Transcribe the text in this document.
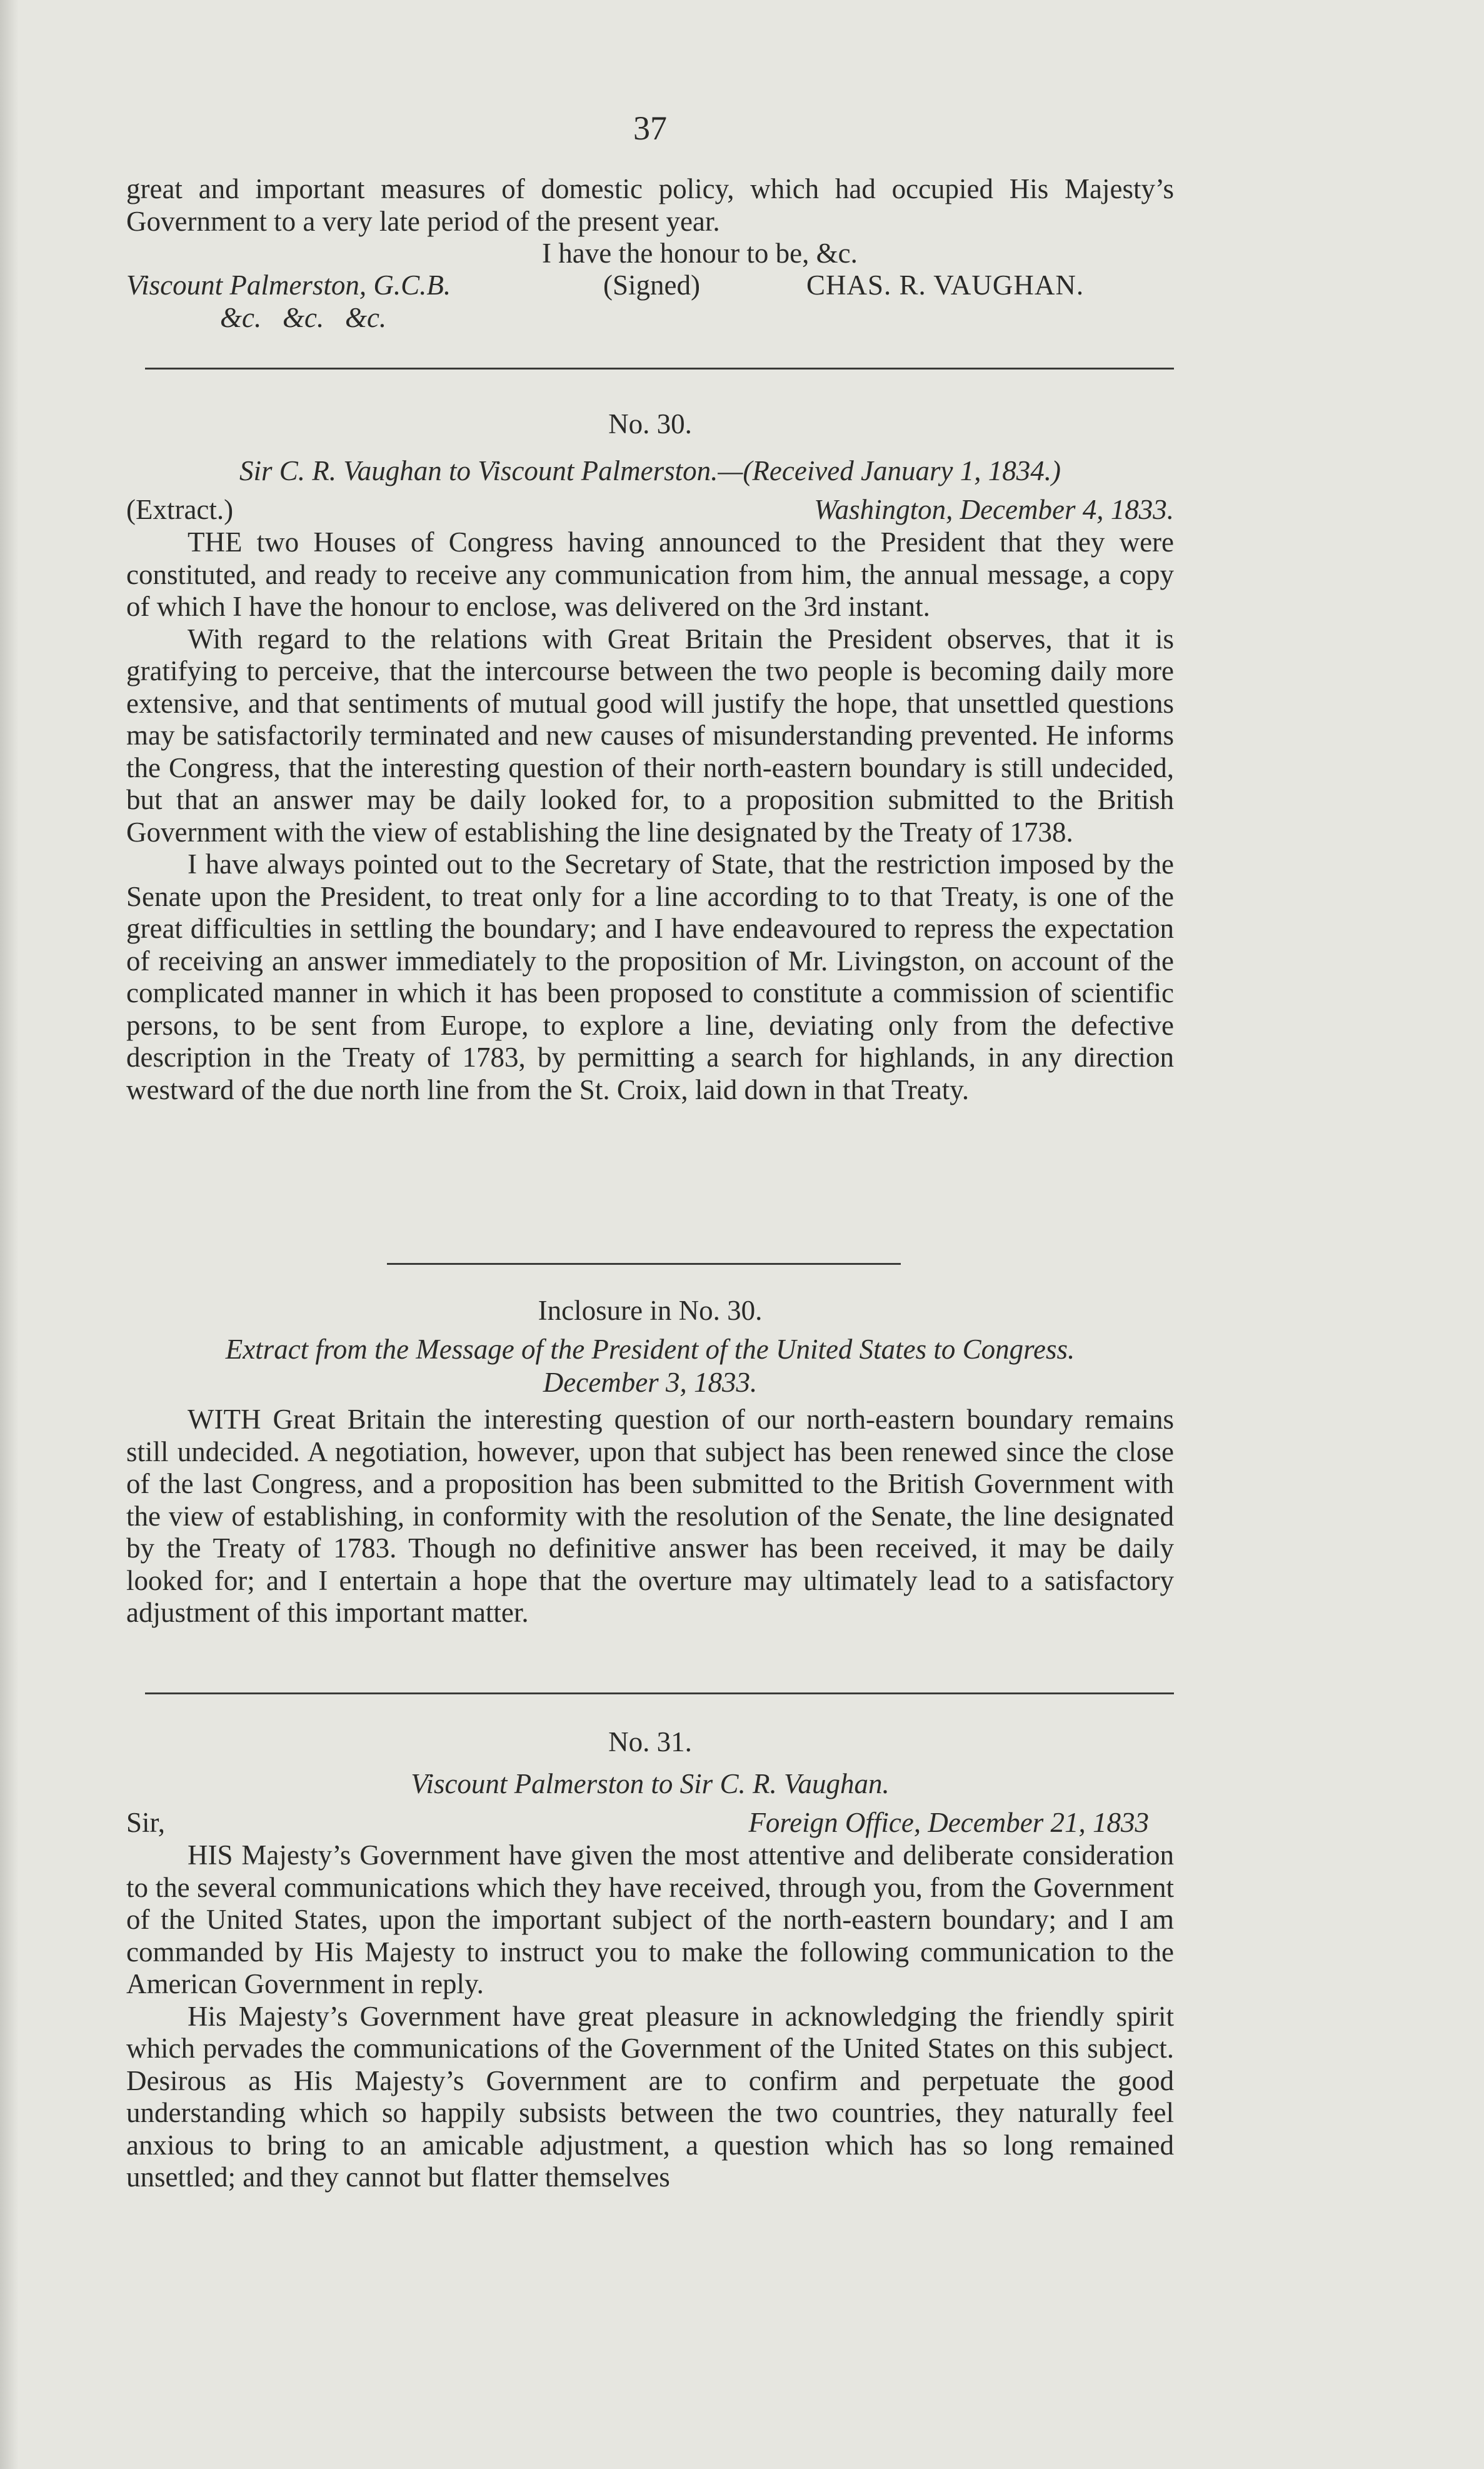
37

great and important measures of domestic policy, which had occupied His Majesty’s Government to a very late period of the present year.

I have the honour to be, &c.

Viscount Palmerston, G.C.B.	(Signed)	CHAS. R. VAUGHAN.

&c.   &c.   &c.

No. 30.

Sir C. R. Vaughan to Viscount Palmerston.—(Received January 1, 1834.)

(Extract.)	Washington, December 4, 1833.

THE two Houses of Congress having announced to the President that they were constituted, and ready to receive any communication from him, the annual message, a copy of which I have the honour to enclose, was delivered on the 3rd instant.

With regard to the relations with Great Britain the President observes, that it is gratifying to perceive, that the intercourse between the two people is becoming daily more extensive, and that sentiments of mutual good will justify the hope, that unsettled questions may be satisfactorily terminated and new causes of misunderstanding prevented. He informs the Congress, that the interesting question of their north-eastern boundary is still undecided, but that an answer may be daily looked for, to a proposition submitted to the British Government with the view of establishing the line designated by the Treaty of 1738.

I have always pointed out to the Secretary of State, that the restriction imposed by the Senate upon the President, to treat only for a line according to to that Treaty, is one of the great difficulties in settling the boundary; and I have endeavoured to repress the expectation of receiving an answer immediately to the proposition of Mr. Livingston, on account of the complicated manner in which it has been proposed to constitute a commission of scientific persons, to be sent from Europe, to explore a line, deviating only from the defective description in the Treaty of 1783, by permitting a search for highlands, in any direction westward of the due north line from the St. Croix, laid down in that Treaty.

Inclosure in No. 30.

Extract from the Message of the President of the United States to Congress.

December 3, 1833.

WITH Great Britain the interesting question of our north-eastern boundary remains still undecided. A negotiation, however, upon that subject has been renewed since the close of the last Congress, and a proposition has been submitted to the British Government with the view of establishing, in conformity with the resolution of the Senate, the line designated by the Treaty of 1783. Though no definitive answer has been received, it may be daily looked for; and I entertain a hope that the overture may ultimately lead to a satisfactory adjustment of this important matter.

No. 31.

Viscount Palmerston to Sir C. R. Vaughan.

Sir,	Foreign Office, December 21, 1833

HIS Majesty’s Government have given the most attentive and deliberate consideration to the several communications which they have received, through you, from the Government of the United States, upon the important subject of the north-eastern boundary; and I am commanded by His Majesty to instruct you to make the following communication to the American Government in reply.

His Majesty’s Government have great pleasure in acknowledging the friendly spirit which pervades the communications of the Government of the United States on this subject. Desirous as His Majesty’s Government are to confirm and perpetuate the good understanding which so happily subsists between the two countries, they naturally feel anxious to bring to an amicable adjustment, a question which has so long remained unsettled; and they cannot but flatter themselves
